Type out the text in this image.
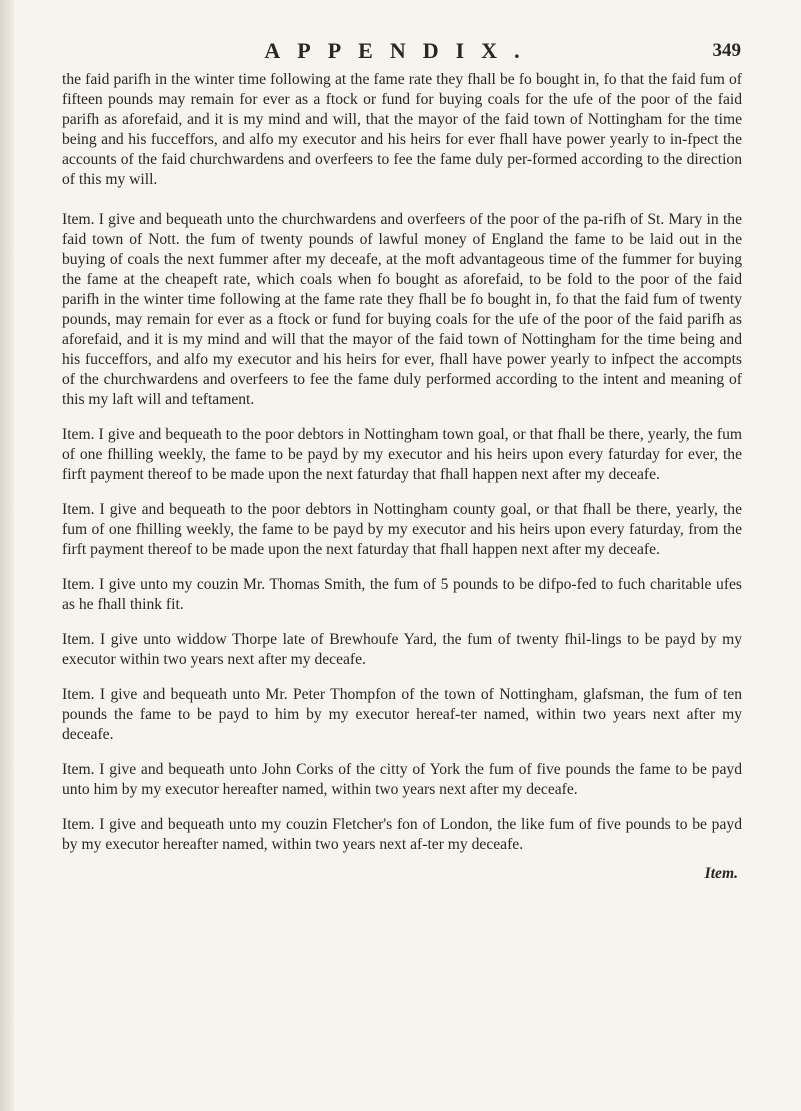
APPENDIX.	349

the faid parifh in the winter time following at the fame rate they fhall be fo bought in, fo that the faid fum of fifteen pounds may remain for ever as a ftock or fund for buying coals for the ufe of the poor of the faid parifh as aforefaid, and it is my mind and will, that the mayor of the faid town of Nottingham for the time being and his fucceffors, and alfo my executor and his heirs for ever fhall have power yearly to in-fpect the accounts of the faid churchwardens and overfeers to fee the fame duly per-formed according to the direction of this my will.

Item. I give and bequeath unto the churchwardens and overfeers of the poor of the pa-rifh of St. Mary in the faid town of Nott. the fum of twenty pounds of lawful money of England the fame to be laid out in the buying of coals the next fummer after my deceafe, at the moft advantageous time of the fummer for buying the fame at the cheapeft rate, which coals when fo bought as aforefaid, to be fold to the poor of the faid parifh in the winter time following at the fame rate they fhall be fo bought in, fo that the faid fum of twenty pounds, may remain for ever as a ftock or fund for buying coals for the ufe of the poor of the faid parifh as aforefaid, and it is my mind and will that the mayor of the faid town of Nottingham for the time being and his fucceffors, and alfo my executor and his heirs for ever, fhall have power yearly to infpect the accompts of the churchwardens and overfeers to fee the fame duly performed according to the intent and meaning of this my laft will and teftament.

Item. I give and bequeath to the poor debtors in Nottingham town goal, or that fhall be there, yearly, the fum of one fhilling weekly, the fame to be payd by my executor and his heirs upon every faturday for ever, the firft payment thereof to be made upon the next faturday that fhall happen next after my deceafe.

Item. I give and bequeath to the poor debtors in Nottingham county goal, or that fhall be there, yearly, the fum of one fhilling weekly, the fame to be payd by my executor and his heirs upon every faturday, from the firft payment thereof to be made upon the next faturday that fhall happen next after my deceafe.

Item. I give unto my couzin Mr. Thomas Smith, the fum of 5 pounds to be difpo-fed to fuch charitable ufes as he fhall think fit.

Item. I give unto widdow Thorpe late of Brewhoufe Yard, the fum of twenty fhil-lings to be payd by my executor within two years next after my deceafe.

Item. I give and bequeath unto Mr. Peter Thompfon of the town of Nottingham, glafsman, the fum of ten pounds the fame to be payd to him by my executor hereaf-ter named, within two years next after my deceafe.

Item. I give and bequeath unto John Corks of the citty of York the fum of five pounds the fame to be payd unto him by my executor hereafter named, within two years next after my deceafe.

Item. I give and bequeath unto my couzin Fletcher's fon of London, the like fum of five pounds to be payd by my executor hereafter named, within two years next af-ter my deceafe.

Item.
